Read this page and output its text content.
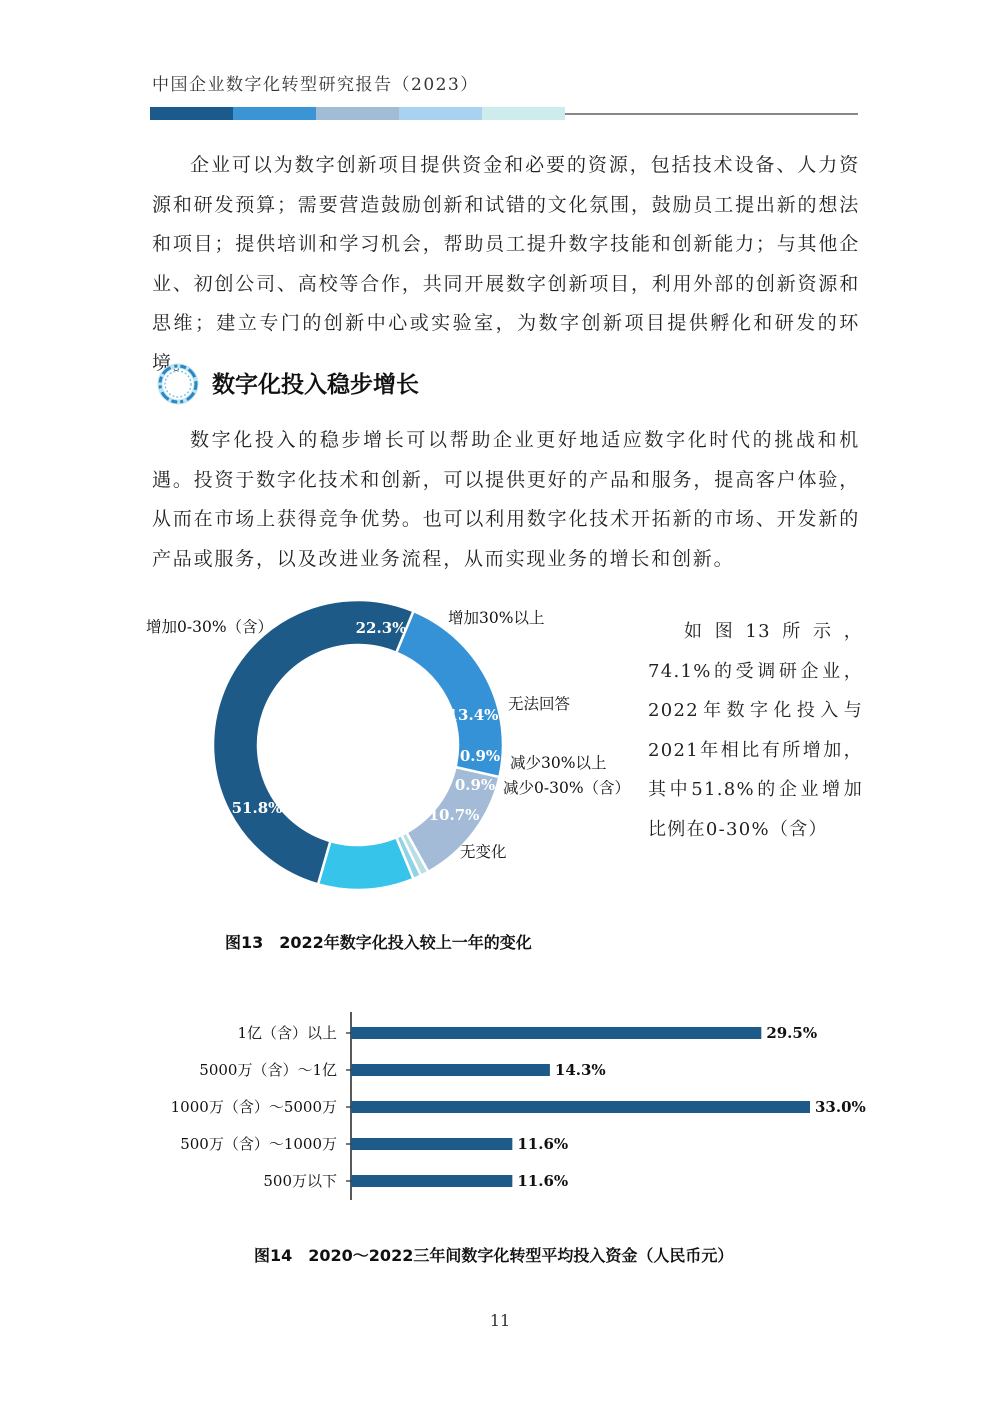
中国企业数字化转型研究报告（2023）

企业可以为数字创新项目提供资金和必要的资源，包括技术设备、人力资源和研发预算；需要营造鼓励创新和试错的文化氛围，鼓励员工提出新的想法和项目；提供培训和学习机会，帮助员工提升数字技能和创新能力；与其他企业、初创公司、高校等合作，共同开展数字创新项目，利用外部的创新资源和思维；建立专门的创新中心或实验室，为数字创新项目提供孵化和研发的环境。

数字化投入稳步增长

数字化投入的稳步增长可以帮助企业更好地适应数字化时代的挑战和机遇。投资于数字化技术和创新，可以提供更好的产品和服务，提高客户体验，从而在市场上获得竞争优势。也可以利用数字化技术开拓新的市场、开发新的产品或服务，以及改进业务流程，从而实现业务的增长和创新。

22.3%
增加30%以上
13.4%
无法回答
0.9% 减少30%以上
0.9% 减少0-30%（含）
10.7%
无变化
51.8%
增加0-30%（含）	如图13所示，74.1%的受调研企业，2022年数字化投入与2021年相比有所增加，其中51.8%的企业增加比例在0-30%（含）

图13　2022年数字化投入较上一年的变化
1亿（含）以上	29.5%
5000万（含）～1亿	14.3%
1000万（含）～5000万	33.0%
500万（含）～1000万	11.6%
500万以下	11.6%
图14　2020～2022三年间数字化转型平均投入资金（人民币元）
11
